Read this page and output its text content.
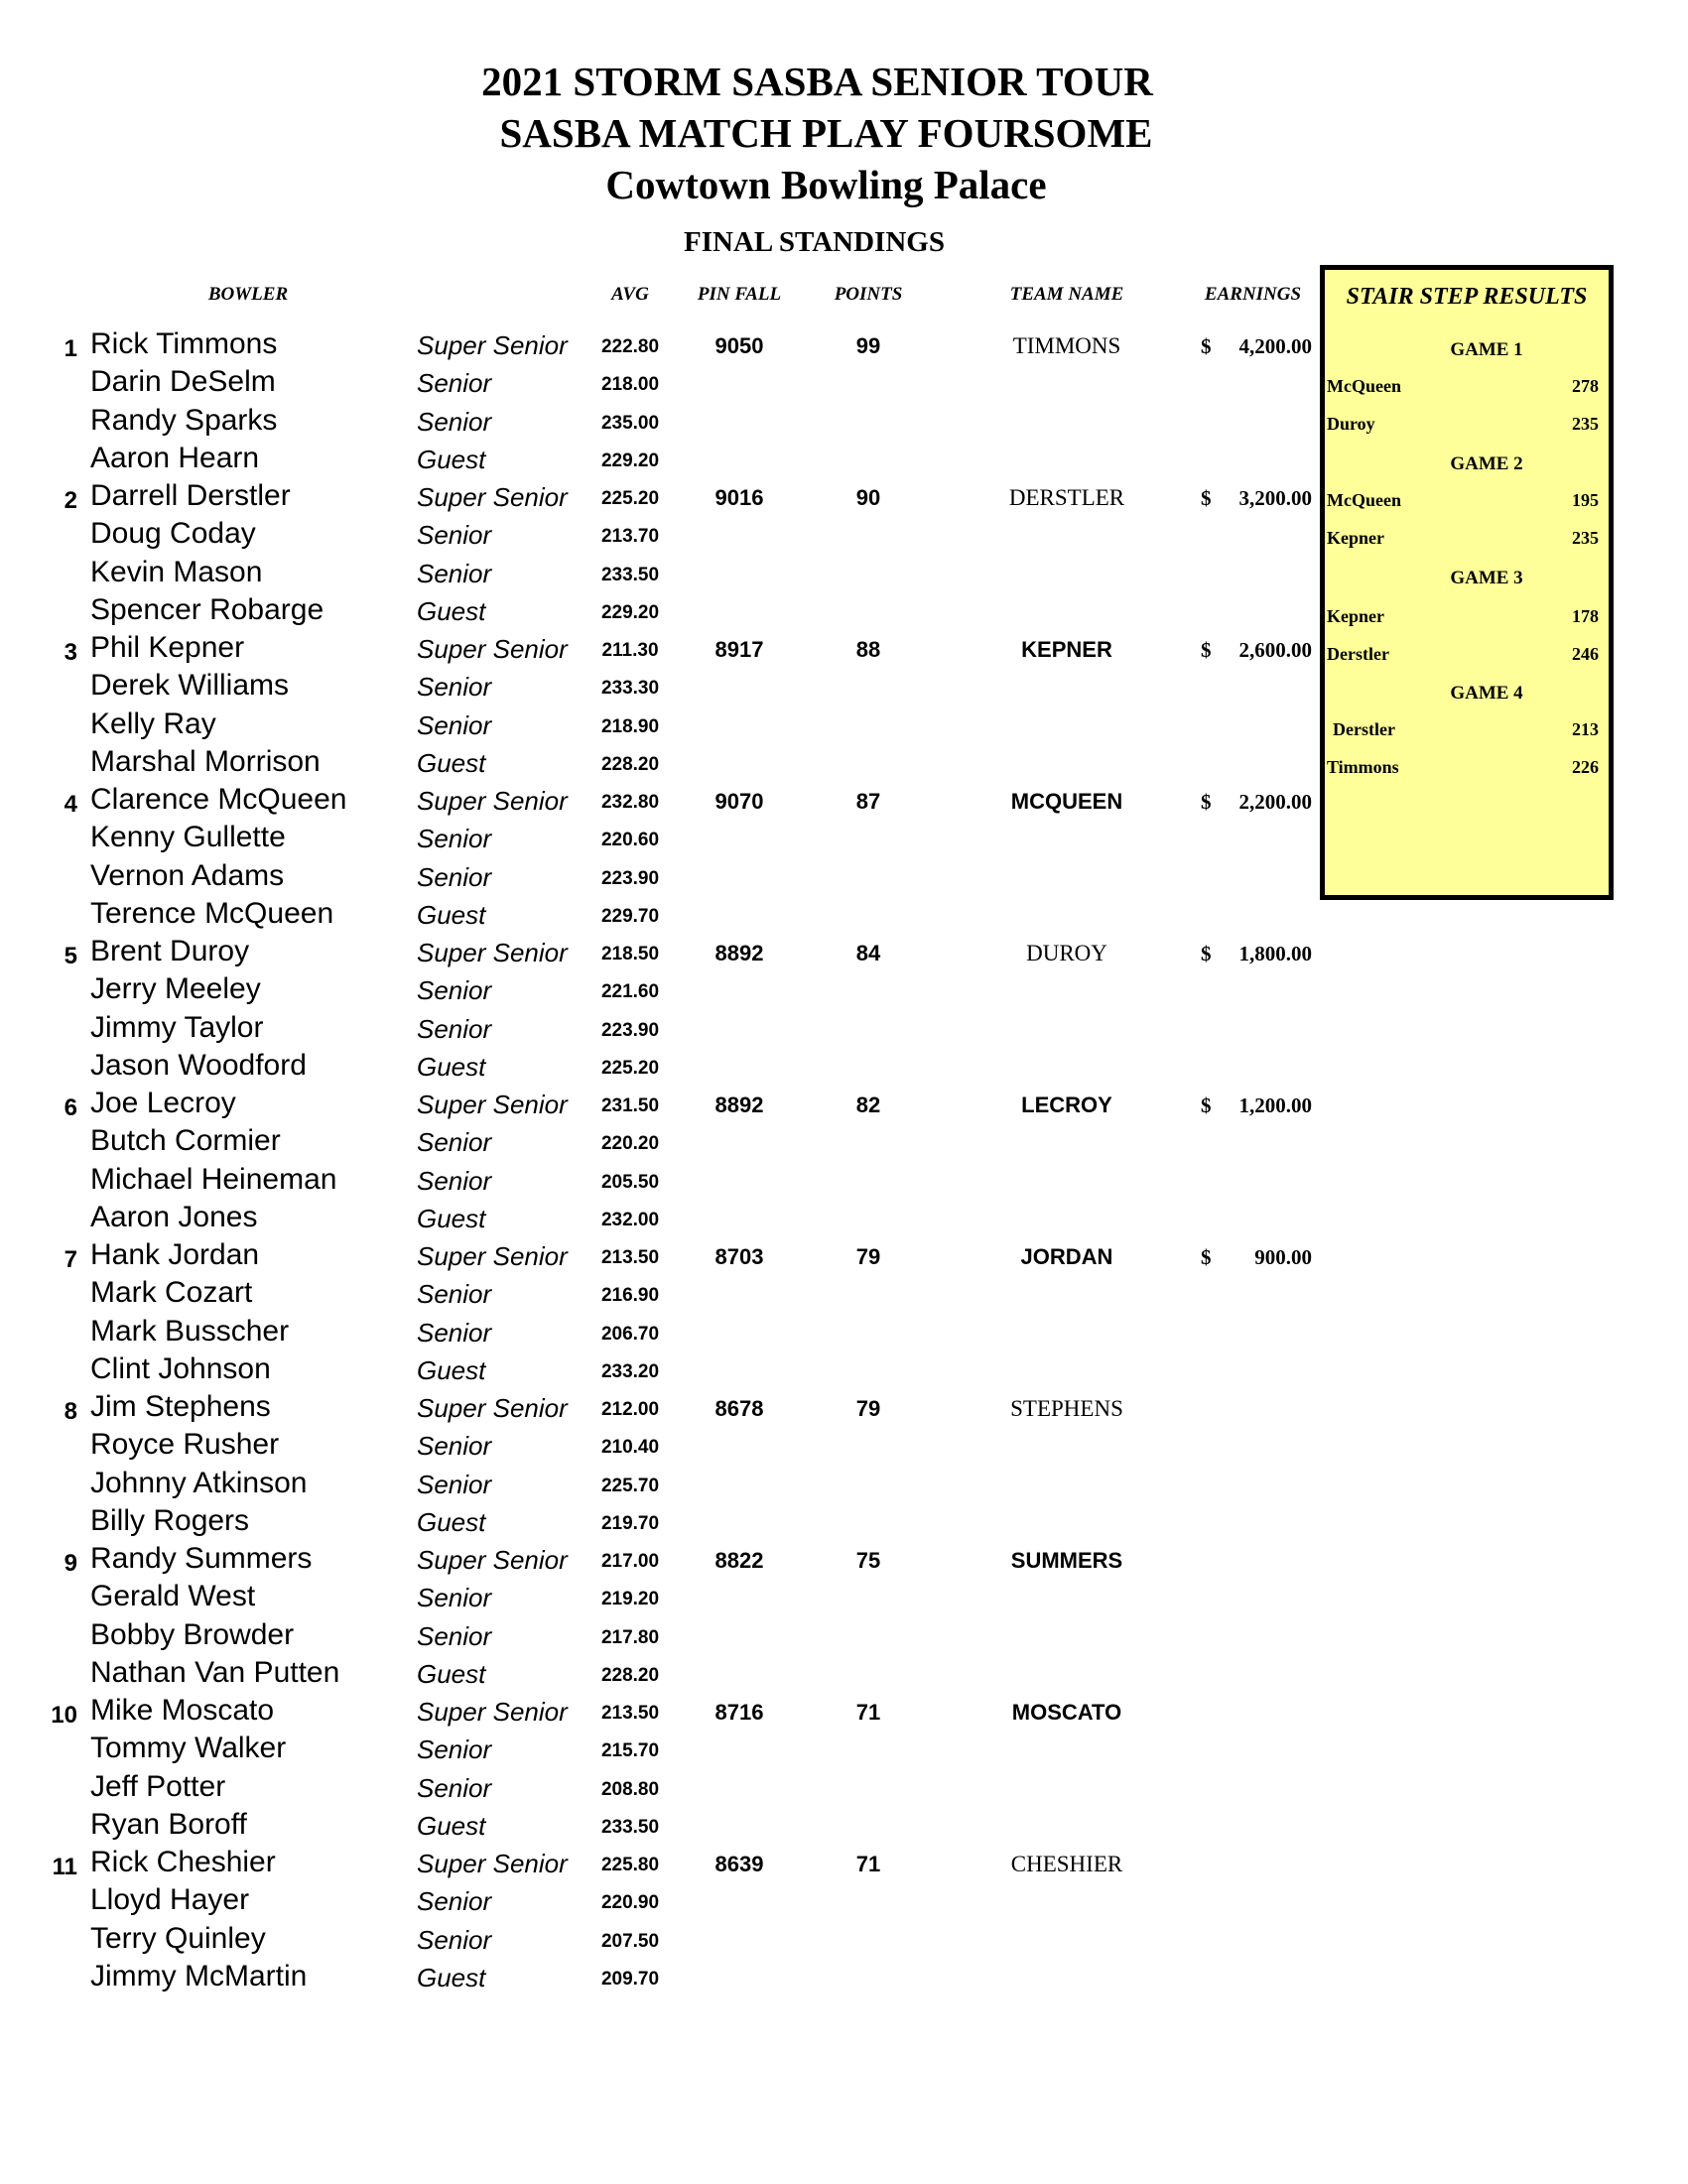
2021 STORM SASBA SENIOR TOUR
SASBA MATCH PLAY FOURSOME
Cowtown Bowling Palace
FINAL STANDINGS
BOWLER	AVG	PIN FALL	POINTS	TEAM NAME	EARNINGS
1 Rick Timmons	Super Senior	222.80	9050	99	TIMMONS	$ 4,200.00
Darin DeSelm	Senior	218.00
Randy Sparks	Senior	235.00
Aaron Hearn	Guest	229.20
2 Darrell Derstler	Super Senior	225.20	9016	90	DERSTLER	$ 3,200.00
Doug Coday	Senior	213.70
Kevin Mason	Senior	233.50
Spencer Robarge	Guest	229.20
3 Phil Kepner	Super Senior	211.30	8917	88	KEPNER	$ 2,600.00
Derek Williams	Senior	233.30
Kelly Ray	Senior	218.90
Marshal Morrison	Guest	228.20
4 Clarence McQueen	Super Senior	232.80	9070	87	MCQUEEN	$ 2,200.00
Kenny Gullette	Senior	220.60
Vernon Adams	Senior	223.90
Terence McQueen	Guest	229.70
5 Brent Duroy	Super Senior	218.50	8892	84	DUROY	$ 1,800.00
Jerry Meeley	Senior	221.60
Jimmy Taylor	Senior	223.90
Jason Woodford	Guest	225.20
6 Joe Lecroy	Super Senior	231.50	8892	82	LECROY	$ 1,200.00
Butch Cormier	Senior	220.20
Michael Heineman	Senior	205.50
Aaron Jones	Guest	232.00
7 Hank Jordan	Super Senior	213.50	8703	79	JORDAN	$ 900.00
Mark Cozart	Senior	216.90
Mark Busscher	Senior	206.70
Clint Johnson	Guest	233.20
8 Jim Stephens	Super Senior	212.00	8678	79	STEPHENS
Royce Rusher	Senior	210.40
Johnny Atkinson	Senior	225.70
Billy Rogers	Guest	219.70
9 Randy Summers	Super Senior	217.00	8822	75	SUMMERS
Gerald West	Senior	219.20
Bobby Browder	Senior	217.80
Nathan Van Putten	Guest	228.20
10 Mike Moscato	Super Senior	213.50	8716	71	MOSCATO
Tommy Walker	Senior	215.70
Jeff Potter	Senior	208.80
Ryan Boroff	Guest	233.50
11 Rick Cheshier	Super Senior	225.80	8639	71	CHESHIER
Lloyd Hayer	Senior	220.90
Terry Quinley	Senior	207.50
Jimmy McMartin	Guest	209.70
STAIR STEP RESULTS
GAME 1
McQueen	278
Duroy	235
GAME 2
McQueen	195
Kepner	235
GAME 3
Kepner	178
Derstler	246
GAME 4
Derstler	213
Timmons	226
